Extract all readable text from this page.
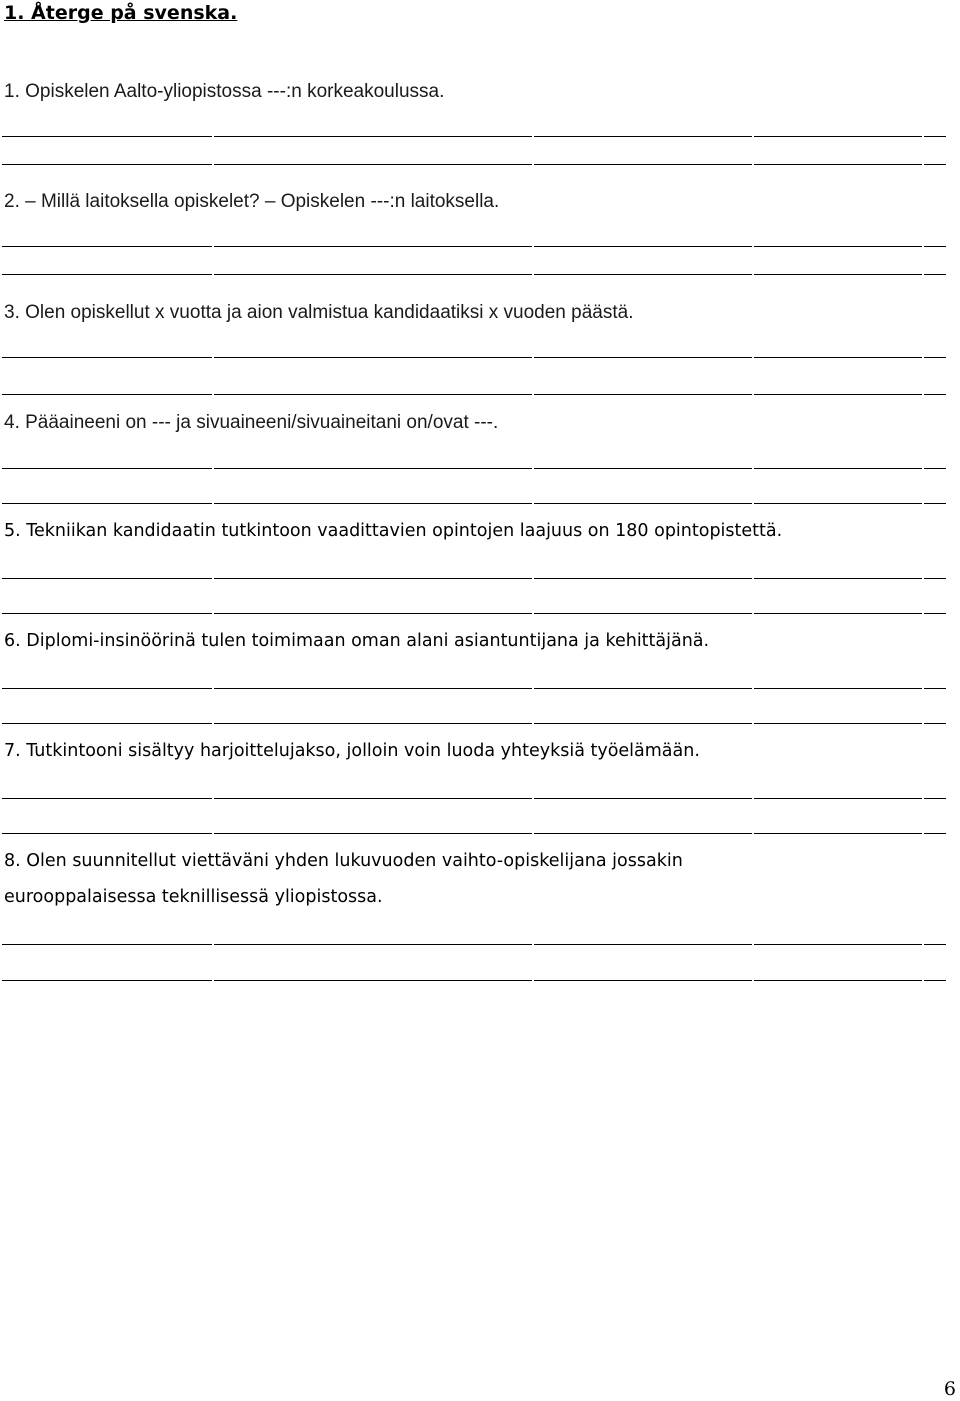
1. Återge på svenska.
1. Opiskelen Aalto-yliopistossa ---:n korkeakoulussa.
2. – Millä laitoksella opiskelet? – Opiskelen ---:n laitoksella.
3. Olen opiskellut x vuotta ja aion valmistua kandidaatiksi x vuoden päästä.
4. Pääaineeni on --- ja sivuaineeni/sivuaineitani on/ovat ---.
5. Tekniikan kandidaatin tutkintoon vaadittavien opintojen laajuus on 180 opintopistettä.
6. Diplomi-insinöörinä tulen toimimaan oman alani asiantuntijana ja kehittäjänä.
7. Tutkintooni sisältyy harjoittelujakso, jolloin voin luoda yhteyksiä työelämään.
8. Olen suunnitellut viettäväni yhden lukuvuoden vaihto-opiskelijana jossakin
eurooppalaisessa teknillisessä yliopistossa.
6
